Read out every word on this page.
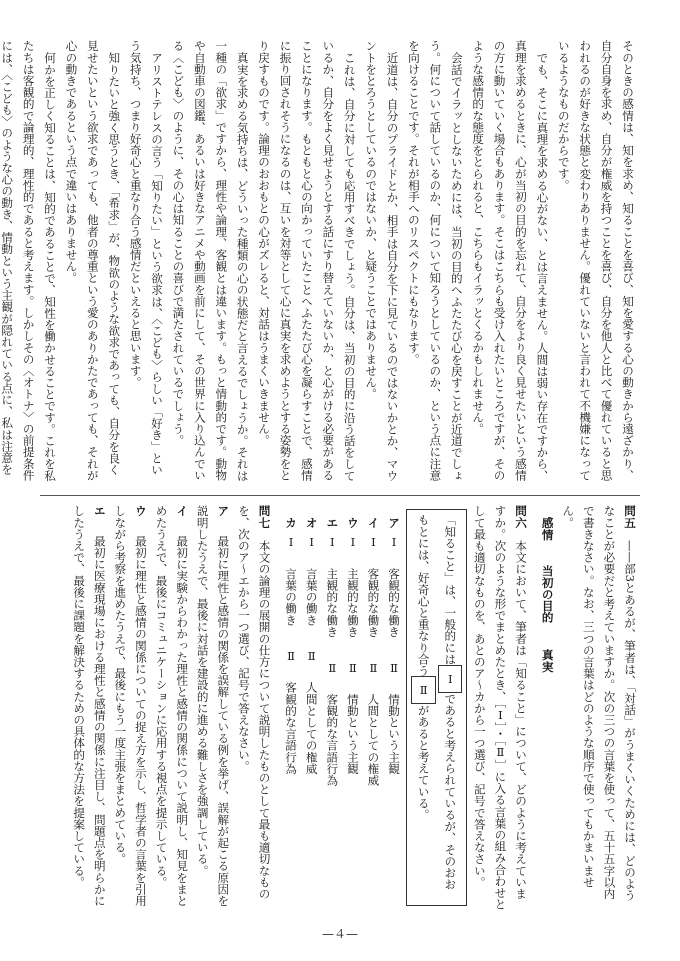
そのときの感情は、知を求め、知ることを喜び、知を愛する心の動きから遠ざかり、自分自身を求め、自分が権威を持つことを喜び、自分を他人と比べて優れていると思われるのが好きな状態と変わりありません。優れていないと言われて不機嫌になっているようなものだからです。

でも、そこに真理を求める心がない、とは言えません。人間は弱い存在ですから、真理を求めるときに、心が当初の目的を忘れて、自分をより良く見せたいという感情の方に動いていく場合もあります。そこはこちらも受け入れたいところですが、そのような感情的な態度をとられると、こちらもイラッとくるかもしれません。

会話でイラッとしないためには、当初の目的へふたたび心を戻すことが近道でしょう。何について話しているのか、何について知ろうとしているのか、という点に注意を向けることです。それが相手へのリスペクトにもなります。

近道は、自分のプライドとか、相手は自分を下に見ているのではないかとか、マウントをとろうとしているのではないか、と疑うことではありません。

これは、自分に対しても応用すべきでしょう。自分は、当初の目的に沿う話をしているか、自分をよく見せようとする話にすり替えていないか、と心がける必要があることになります。もともと心の向かっていたことへふたたび心を凝らすことで、感情に振り回されそうになるのは、互いを対等として心に真実を求めようとする姿勢をとり戻すものです。論理のおおもとの心がズレると、対話はうまくいきません。

真実を求める気持ちは、どういった種類の心の状態だと言えるでしょうか。それは一種の「欲求」ですから、理性や論理、客観とは違います。もっと情動的です。動物や自動車の図鑑、あるいは好きなアニメや動画を前にして、その世界に入り込んでいる〈こども〉のように、その心は知ることの喜びで満たされているでしょう。

アリストテレスの言う「知りたい」という欲求は、〈こども〉らしい「好き」という気持ち、つまり好奇心と重なり合う感情だといえると思います。

知りたいと強く思うとき、「希求」が、物欲のような欲求であっても、自分を良く見せたいという欲求であっても、他者の尊重という愛のありかたであっても、それが心の動きであるという点で違いはありません。

何かを正しく知ることは、知的であることで、知性を働かせることです。これを私たちは客観的で論理的、理性的であると考えます。しかしその〈オトナ〉の前提条件には、〈こども〉のような心の動き、情動という主観が隠れている点に、私は注意を

問五　——部3とあるが、筆者は、「対話」がうまくいくためには、どのようなことが必要だと考えていますか。次の三つの言葉を使って、五十五字以内で書きなさい。なお、三つの言葉はどのような順序で使ってもかまいません。

　感情当初の目的真実

問六　本文において、筆者は「知ること」について、どのように考えていますか。次のような形でまとめたとき、［Ⅰ］・［Ⅱ］に入る言葉の組み合わせとして最も適切なものを、あとのア〜カから一つ選び、記号で答えなさい。

「知ること」は、一般的にはⅠであると考えられているが、そのおおもとには、好奇心と重なり合うⅡがあると考えている。

　アⅠ　客観的な働き　　Ⅱ　情動という主観

　イⅠ　客観的な働き　　Ⅱ　人間としての権威

　ウⅠ　主観的な働き　　Ⅱ　情動という主観

　エⅠ　主観的な働き　　Ⅱ　客観的な言語行為

　オⅠ　言葉の働き　　Ⅱ　人間としての権威

　カⅠ　言葉の働き　　Ⅱ　客観的な言語行為

問七　本文の論理の展開の仕方について説明したものとして最も適切なものを、次のア〜エから一つ選び、記号で答えなさい。

ア　最初に理性と感情の関係を誤解している例を挙げ、誤解が起こる原因を説明したうえで、最後に対話を建設的に進める難しさを強調している。

イ　最初に実験からわかった理性と感情の関係について説明し、知見をまとめたうえで、最後にコミュニケーションに応用する視点を提示している。

ウ　最初に理性と感情の関係についての捉え方を示し、哲学者の言葉を引用しながら考察を進めたうえで、最後にもう一度主張をまとめている。

エ　最初に医療現場における理性と感情の関係に注目し、問題点を明らかにしたうえで、最後に課題を解決するための具体的な方法を提案している。

—４—
